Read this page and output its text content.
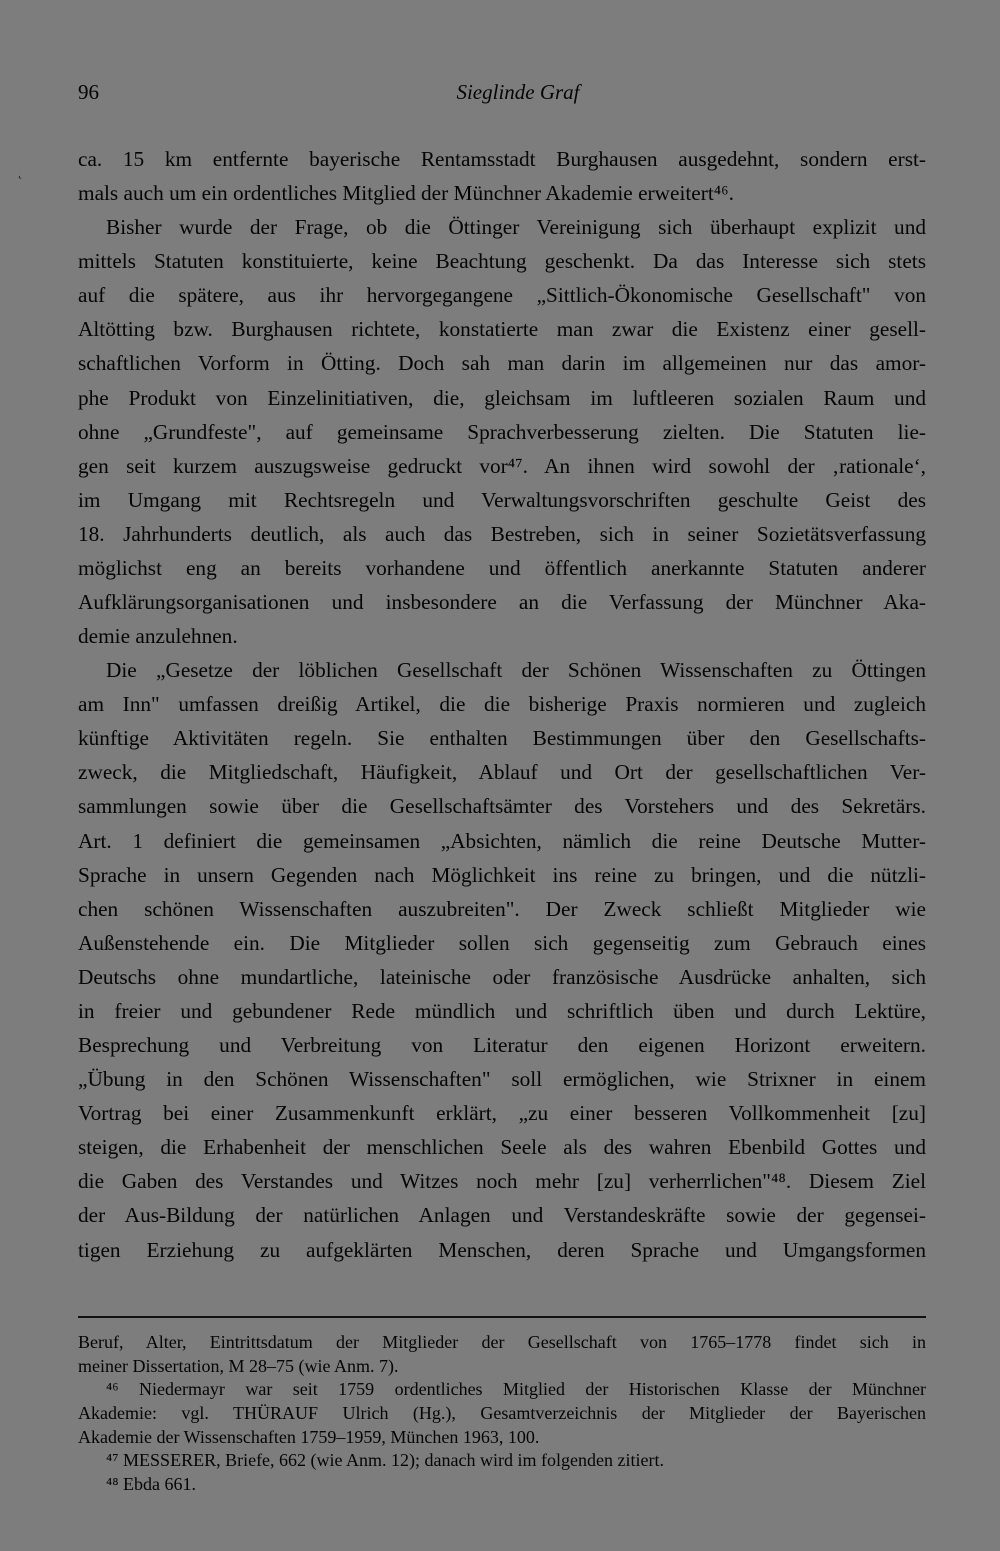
˛
96	Sieglinde Graf
ca. 15 km entfernte bayerische Rentamsstadt Burghausen ausgedehnt, sondern erst-
mals auch um ein ordentliches Mitglied der Münchner Akademie erweitert⁴⁶.
Bisher wurde der Frage, ob die Öttinger Vereinigung sich überhaupt explizit und
mittels Statuten konstituierte, keine Beachtung geschenkt. Da das Interesse sich stets
auf die spätere, aus ihr hervorgegangene „Sittlich-Ökonomische Gesellschaft" von
Altötting bzw. Burghausen richtete, konstatierte man zwar die Existenz einer gesell-
schaftlichen Vorform in Ötting. Doch sah man darin im allgemeinen nur das amor-
phe Produkt von Einzelinitiativen, die, gleichsam im luftleeren sozialen Raum und
ohne „Grundfeste", auf gemeinsame Sprachverbesserung zielten. Die Statuten lie-
gen seit kurzem auszugsweise gedruckt vor⁴⁷. An ihnen wird sowohl der ‚rationale‘,
im Umgang mit Rechtsregeln und Verwaltungsvorschriften geschulte Geist des
18. Jahrhunderts deutlich, als auch das Bestreben, sich in seiner Sozietätsverfassung
möglichst eng an bereits vorhandene und öffentlich anerkannte Statuten anderer
Aufklärungsorganisationen und insbesondere an die Verfassung der Münchner Aka-
demie anzulehnen.
Die „Gesetze der löblichen Gesellschaft der Schönen Wissenschaften zu Öttingen
am Inn" umfassen dreißig Artikel, die die bisherige Praxis normieren und zugleich
künftige Aktivitäten regeln. Sie enthalten Bestimmungen über den Gesellschafts-
zweck, die Mitgliedschaft, Häufigkeit, Ablauf und Ort der gesellschaftlichen Ver-
sammlungen sowie über die Gesellschaftsämter des Vorstehers und des Sekretärs.
Art. 1 definiert die gemeinsamen „Absichten, nämlich die reine Deutsche Mutter-
Sprache in unsern Gegenden nach Möglichkeit ins reine zu bringen, und die nützli-
chen schönen Wissenschaften auszubreiten". Der Zweck schließt Mitglieder wie
Außenstehende ein. Die Mitglieder sollen sich gegenseitig zum Gebrauch eines
Deutschs ohne mundartliche, lateinische oder französische Ausdrücke anhalten, sich
in freier und gebundener Rede mündlich und schriftlich üben und durch Lektüre,
Besprechung und Verbreitung von Literatur den eigenen Horizont erweitern.
„Übung in den Schönen Wissenschaften" soll ermöglichen, wie Strixner in einem
Vortrag bei einer Zusammenkunft erklärt, „zu einer besseren Vollkommenheit [zu]
steigen, die Erhabenheit der menschlichen Seele als des wahren Ebenbild Gottes und
die Gaben des Verstandes und Witzes noch mehr [zu] verherrlichen"⁴⁸. Diesem Ziel
der Aus-Bildung der natürlichen Anlagen und Verstandeskräfte sowie der gegensei-
tigen Erziehung zu aufgeklärten Menschen, deren Sprache und Umgangsformen
Beruf, Alter, Eintrittsdatum der Mitglieder der Gesellschaft von 1765–1778 findet sich in
meiner Dissertation, M 28–75 (wie Anm. 7).
⁴⁶ Niedermayr war seit 1759 ordentliches Mitglied der Historischen Klasse der Münchner
Akademie: vgl. THÜRAUF Ulrich (Hg.), Gesamtverzeichnis der Mitglieder der Bayerischen
Akademie der Wissenschaften 1759–1959, München 1963, 100.
⁴⁷ MESSERER, Briefe, 662 (wie Anm. 12); danach wird im folgenden zitiert.
⁴⁸ Ebda 661.
